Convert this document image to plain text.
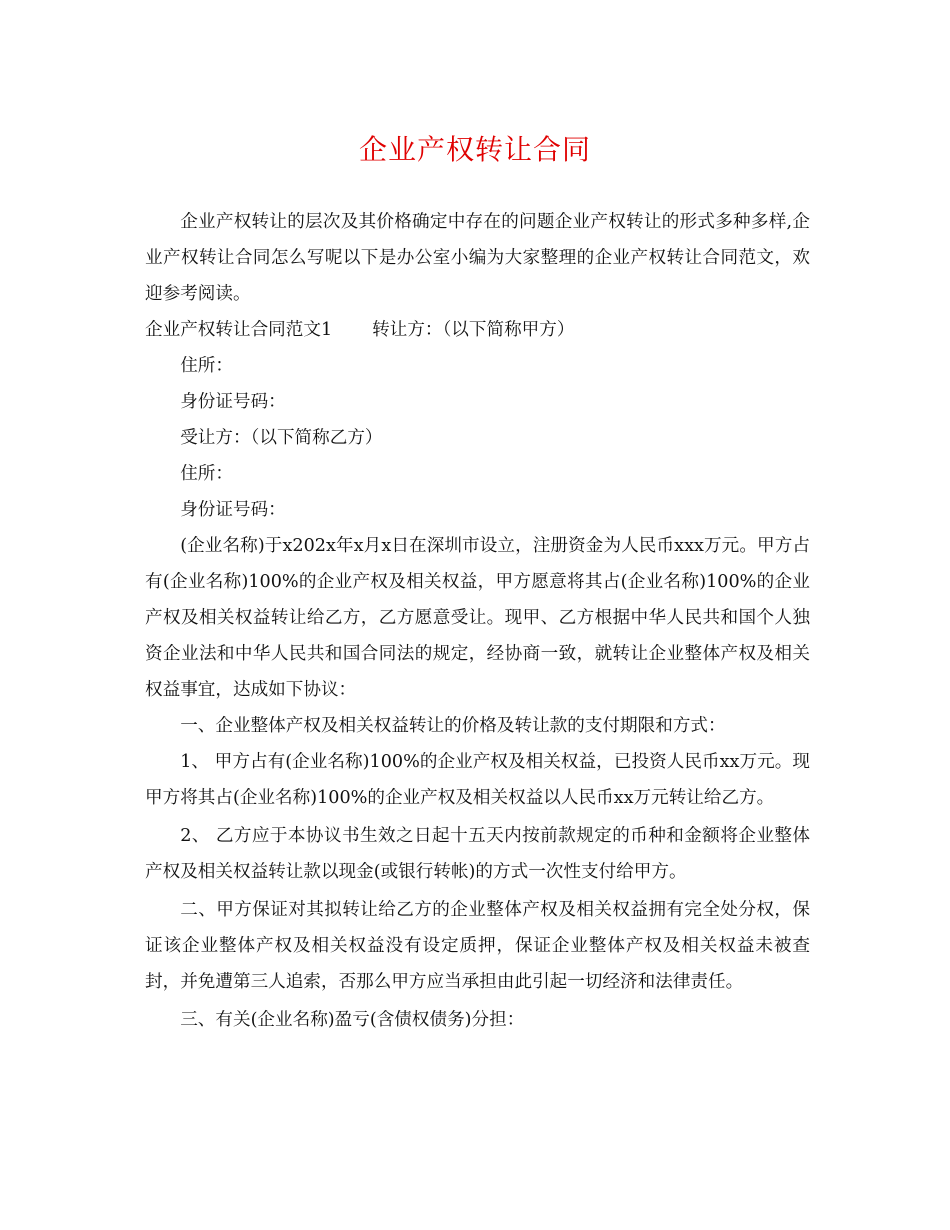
企业产权转让合同

企业产权转让的层次及其价格确定中存在的问题企业产权转让的形式多种多样,企业产权转让合同怎么写呢以下是办公室小编为大家整理的企业产权转让合同范文，欢迎参考阅读。

企业产权转让合同范文1 转让方：（以下简称甲方）

住所：

身份证号码：

受让方：（以下简称乙方）

住所：

身份证号码：

(企业名称)于x202x年x月x日在深圳市设立，注册资金为人民币xxx万元。甲方占有(企业名称)100%的企业产权及相关权益，甲方愿意将其占(企业名称)100%的企业产权及相关权益转让给乙方，乙方愿意受让。现甲、乙方根据中华人民共和国个人独资企业法和中华人民共和国合同法的规定，经协商一致，就转让企业整体产权及相关权益事宜，达成如下协议：

一、企业整体产权及相关权益转让的价格及转让款的支付期限和方式：

1、 甲方占有(企业名称)100%的企业产权及相关权益，已投资人民币xx万元。现甲方将其占(企业名称)100%的企业产权及相关权益以人民币xx万元转让给乙方。

2、 乙方应于本协议书生效之日起十五天内按前款规定的币种和金额将企业整体产权及相关权益转让款以现金(或银行转帐)的方式一次性支付给甲方。

二、甲方保证对其拟转让给乙方的企业整体产权及相关权益拥有完全处分权，保证该企业整体产权及相关权益没有设定质押，保证企业整体产权及相关权益未被查封，并免遭第三人追索，否那么甲方应当承担由此引起一切经济和法律责任。

三、有关(企业名称)盈亏(含债权债务)分担：
